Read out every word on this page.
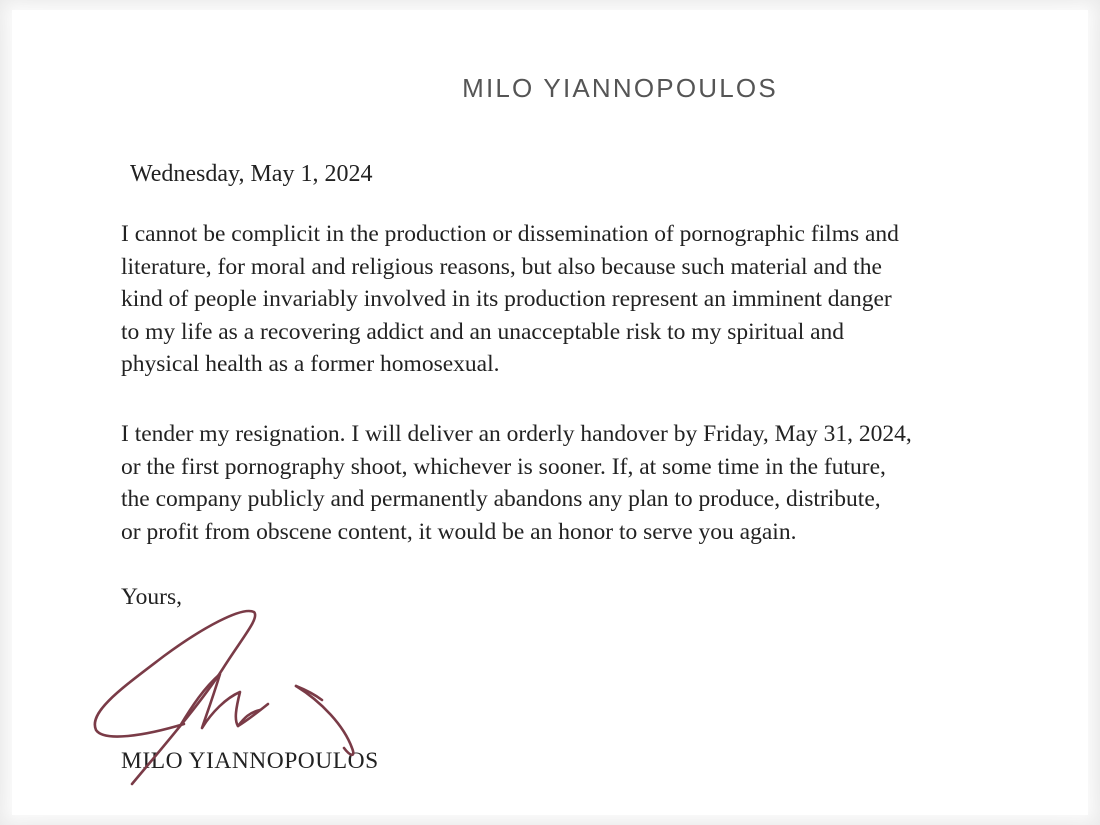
MILO YIANNOPOULOS
Wednesday, May 1, 2024

I cannot be complicit in the production or dissemination of pornographic films and
literature, for moral and religious reasons, but also because such material and the
kind of people invariably involved in its production represent an imminent danger
to my life as a recovering addict and an unacceptable risk to my spiritual and
physical health as a former homosexual.

I tender my resignation. I will deliver an orderly handover by Friday, May 31, 2024,
or the first pornography shoot, whichever is sooner. If, at some time in the future,
the company publicly and permanently abandons any plan to produce, distribute,
or profit from obscene content, it would be an honor to serve you again.

Yours,
MILO YIANNOPOULOS
